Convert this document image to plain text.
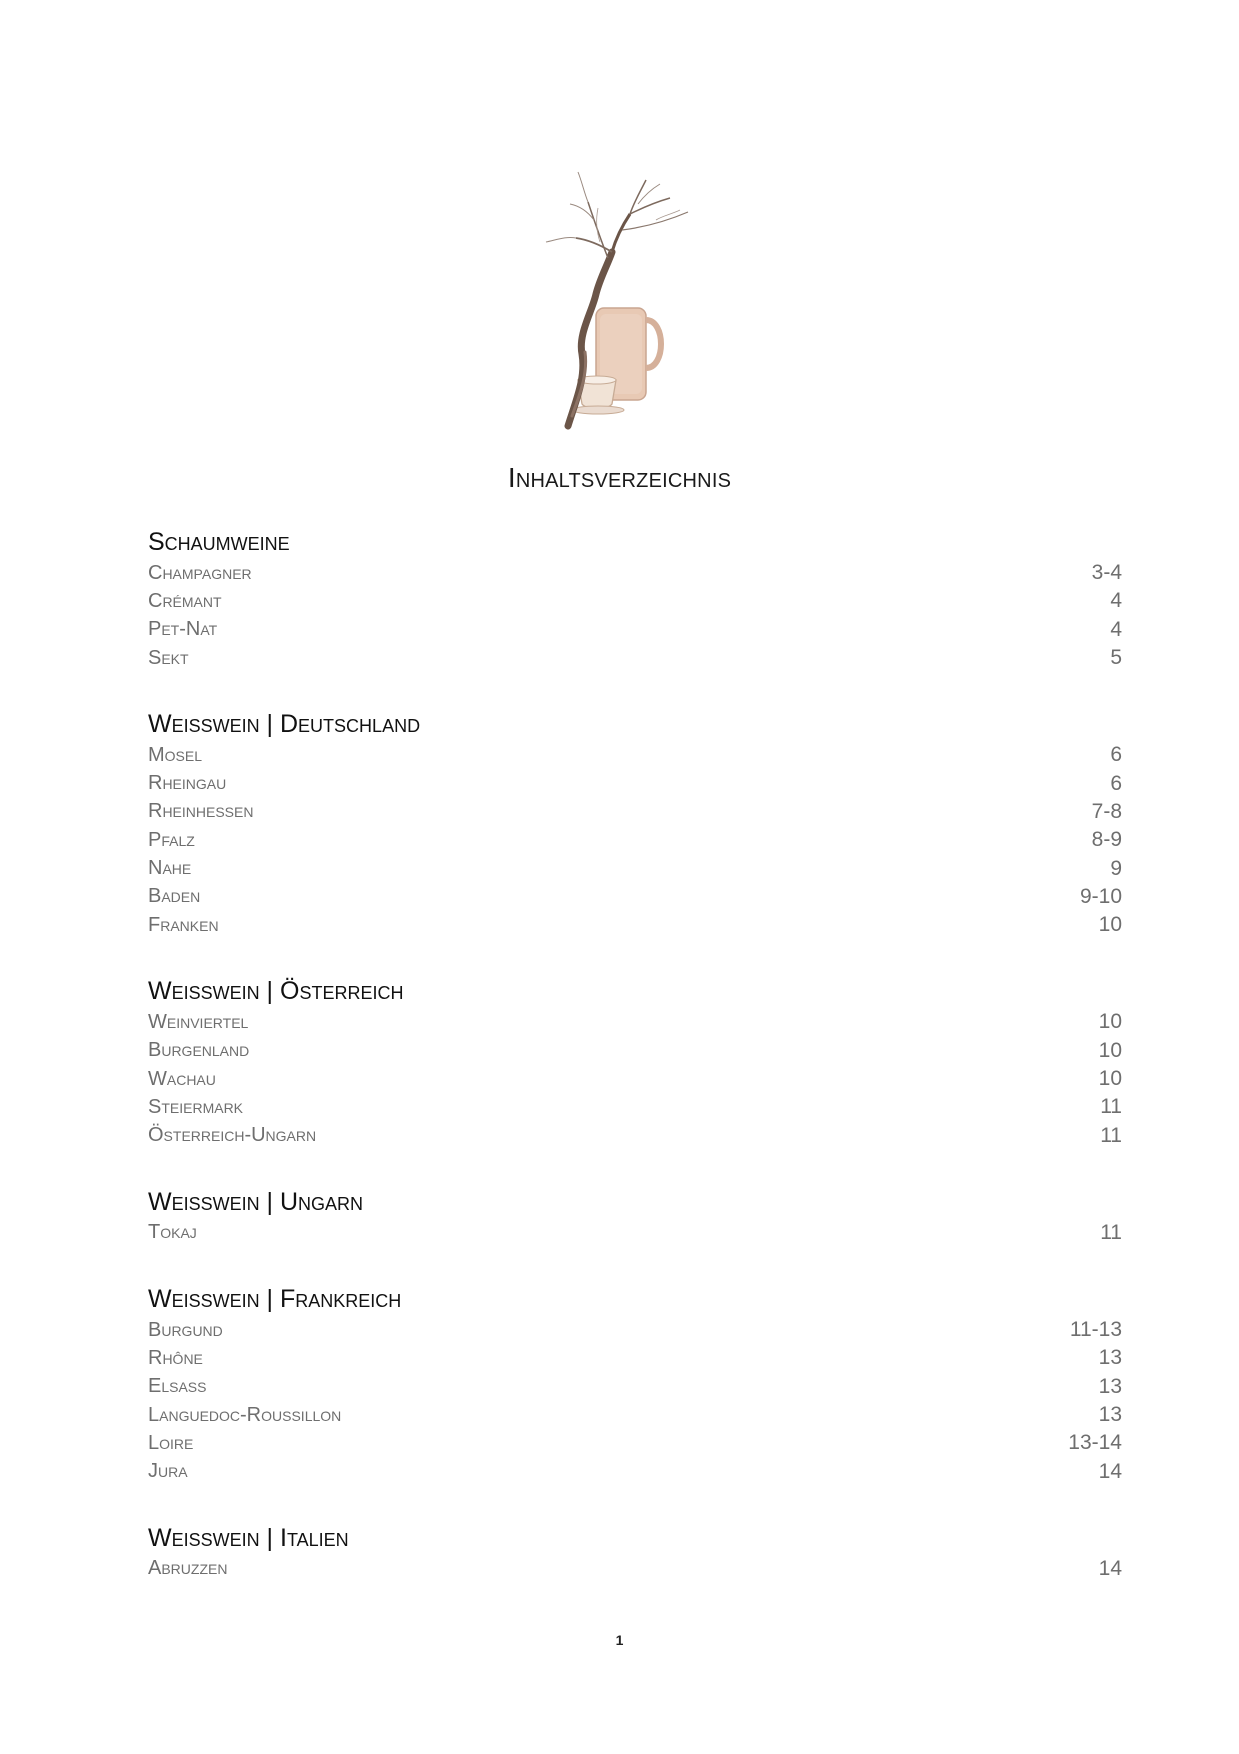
Inhaltsverzeichnis
Schaumweine
Champagner	3-4
Crémant	4
Pet-Nat	4
Sekt	5
Weisswein | Deutschland
Mosel	6
Rheingau	6
Rheinhessen	7-8
Pfalz	8-9
Nahe	9
Baden	9-10
Franken	10
Weisswein | Österreich
Weinviertel	10
Burgenland	10
Wachau	10
Steiermark	11
Österreich-Ungarn	11
Weisswein | Ungarn
Tokaj	11
Weisswein | Frankreich
Burgund	11-13
Rhône	13
Elsass	13
Languedoc-Roussillon	13
Loire	13-14
Jura	14
Weisswein | Italien
Abruzzen	14
1
